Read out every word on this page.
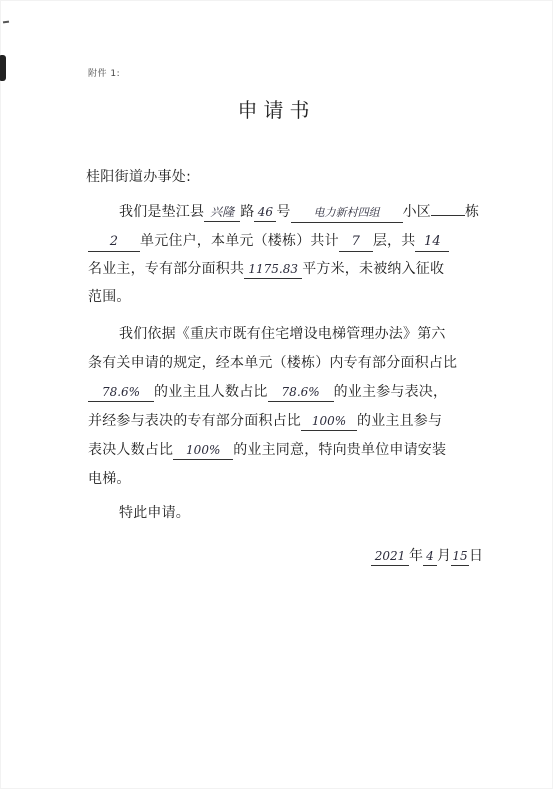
附件 1:
申请书
桂阳街道办事处:
我们是垫江县 兴隆 路 46 号 电力新村四组 小区 栋
2 单元住户，本单元（楼栋）共计 7 层，共 14
名业主，专有部分面积共 1175.83 平方米，未被纳入征收
范围。
我们依据《重庆市既有住宅增设电梯管理办法》第六
条有关申请的规定，经本单元（楼栋）内专有部分面积占比
78.6% 的业主且人数占比 78.6% 的业主参与表决，
并经参与表决的专有部分面积占比 100% 的业主且参与
表决人数占比 100% 的业主同意，特向贵单位申请安装
电梯。
特此申请。
2021 年 4 月15日
